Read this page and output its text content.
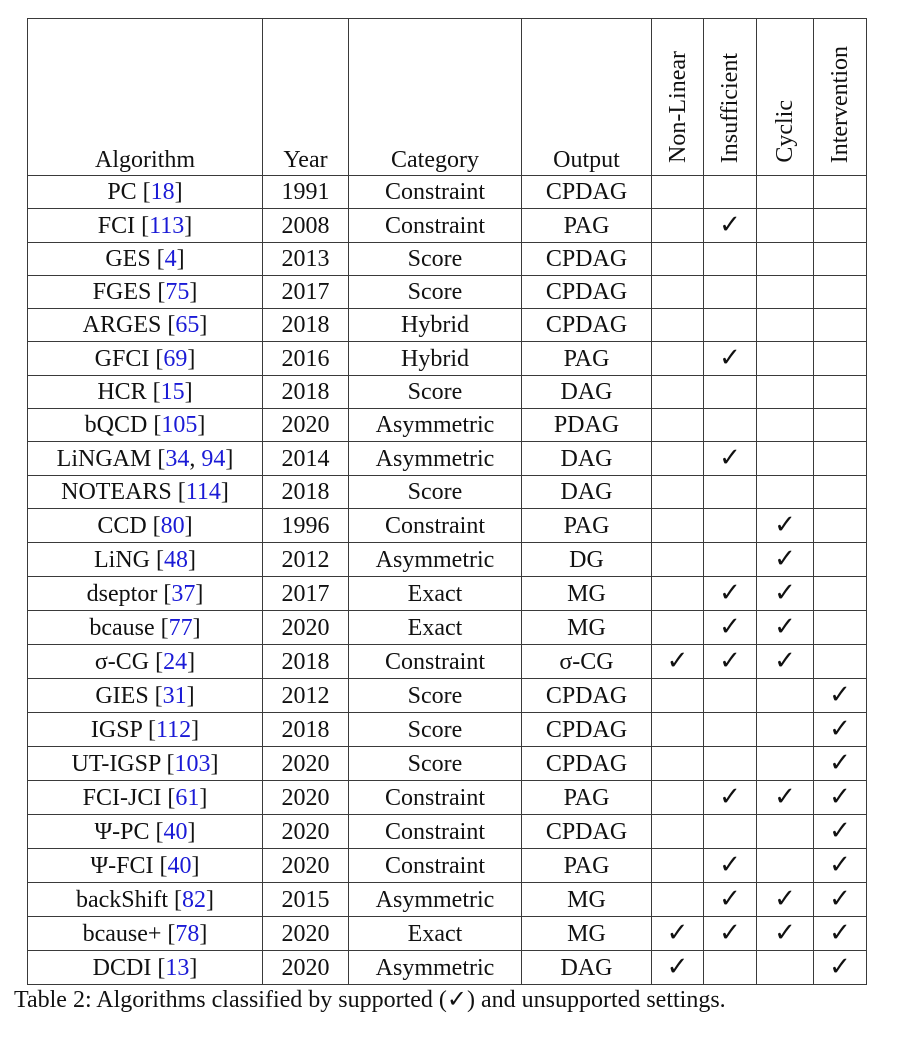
Algorithm	Year	Category	Output	Non-Linear	Insufficient	Cyclic	Intervention
PC [18]	1991	Constraint	CPDAG				
FCI [113]	2008	Constraint	PAG		✓		
GES [4]	2013	Score	CPDAG				
FGES [75]	2017	Score	CPDAG				
ARGES [65]	2018	Hybrid	CPDAG				
GFCI [69]	2016	Hybrid	PAG		✓		
HCR [15]	2018	Score	DAG				
bQCD [105]	2020	Asymmetric	PDAG				
LiNGAM [34, 94]	2014	Asymmetric	DAG		✓		
NOTEARS [114]	2018	Score	DAG				
CCD [80]	1996	Constraint	PAG			✓	
LiNG [48]	2012	Asymmetric	DG			✓	
dseptor [37]	2017	Exact	MG		✓	✓	
bcause [77]	2020	Exact	MG		✓	✓	
σ-CG [24]	2018	Constraint	σ-CG	✓	✓	✓	
GIES [31]	2012	Score	CPDAG				✓
IGSP [112]	2018	Score	CPDAG				✓
UT-IGSP [103]	2020	Score	CPDAG				✓
FCI-JCI [61]	2020	Constraint	PAG		✓	✓	✓
Ψ-PC [40]	2020	Constraint	CPDAG				✓
Ψ-FCI [40]	2020	Constraint	PAG		✓		✓
backShift [82]	2015	Asymmetric	MG		✓	✓	✓
bcause+ [78]	2020	Exact	MG	✓	✓	✓	✓
DCDI [13]	2020	Asymmetric	DAG	✓			✓
Table 2: Algorithms classified by supported (✓) and unsupported settings.
